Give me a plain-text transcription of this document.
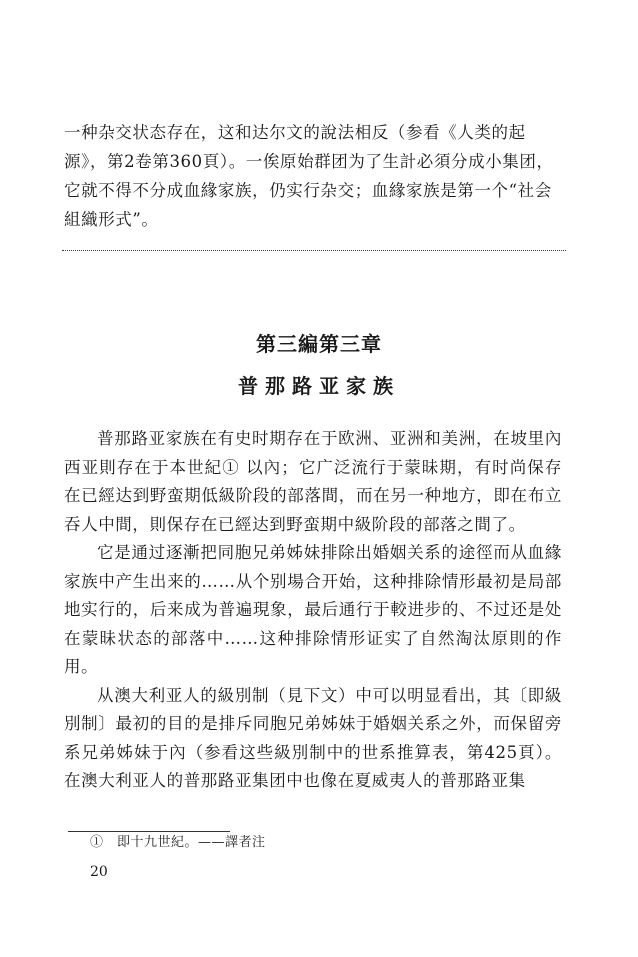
一种杂交状态存在，这和达尔文的說法相反（参看《人类的起源》，第2卷第360頁）。一俟原始群团为了生計必須分成小集团，它就不得不分成血緣家族，仍实行杂交；血緣家族是第一个“社会組織形式”。

第三編第三章
普那路亚家族

普那路亚家族在有史时期存在于欧洲、亚洲和美洲，在坡里內西亚則存在于本世紀① 以內；它广泛流行于蒙昧期，有时尚保存在已經达到野蛮期低級阶段的部落間，而在另一种地方，即在布立吞人中間，則保存在已經达到野蛮期中級阶段的部落之間了。

它是通过逐漸把同胞兄弟姊妹排除出婚姻关系的途徑而从血緣家族中产生出来的……从个别場合开始，这种排除情形最初是局部地实行的，后来成为普遍現象，最后通行于較进步的、不过还是处在蒙昧状态的部落中……这种排除情形证实了自然淘汰原則的作用。

从澳大利亚人的級別制（見下文）中可以明显看出，其〔即級別制〕最初的目的是排斥同胞兄弟姊妹于婚姻关系之外，而保留旁系兄弟姊妹于內（参看这些級別制中的世系推算表，第425頁）。在澳大利亚人的普那路亚集团中也像在夏威夷人的普那路亚集

①　即十九世紀。——譯者注

20
